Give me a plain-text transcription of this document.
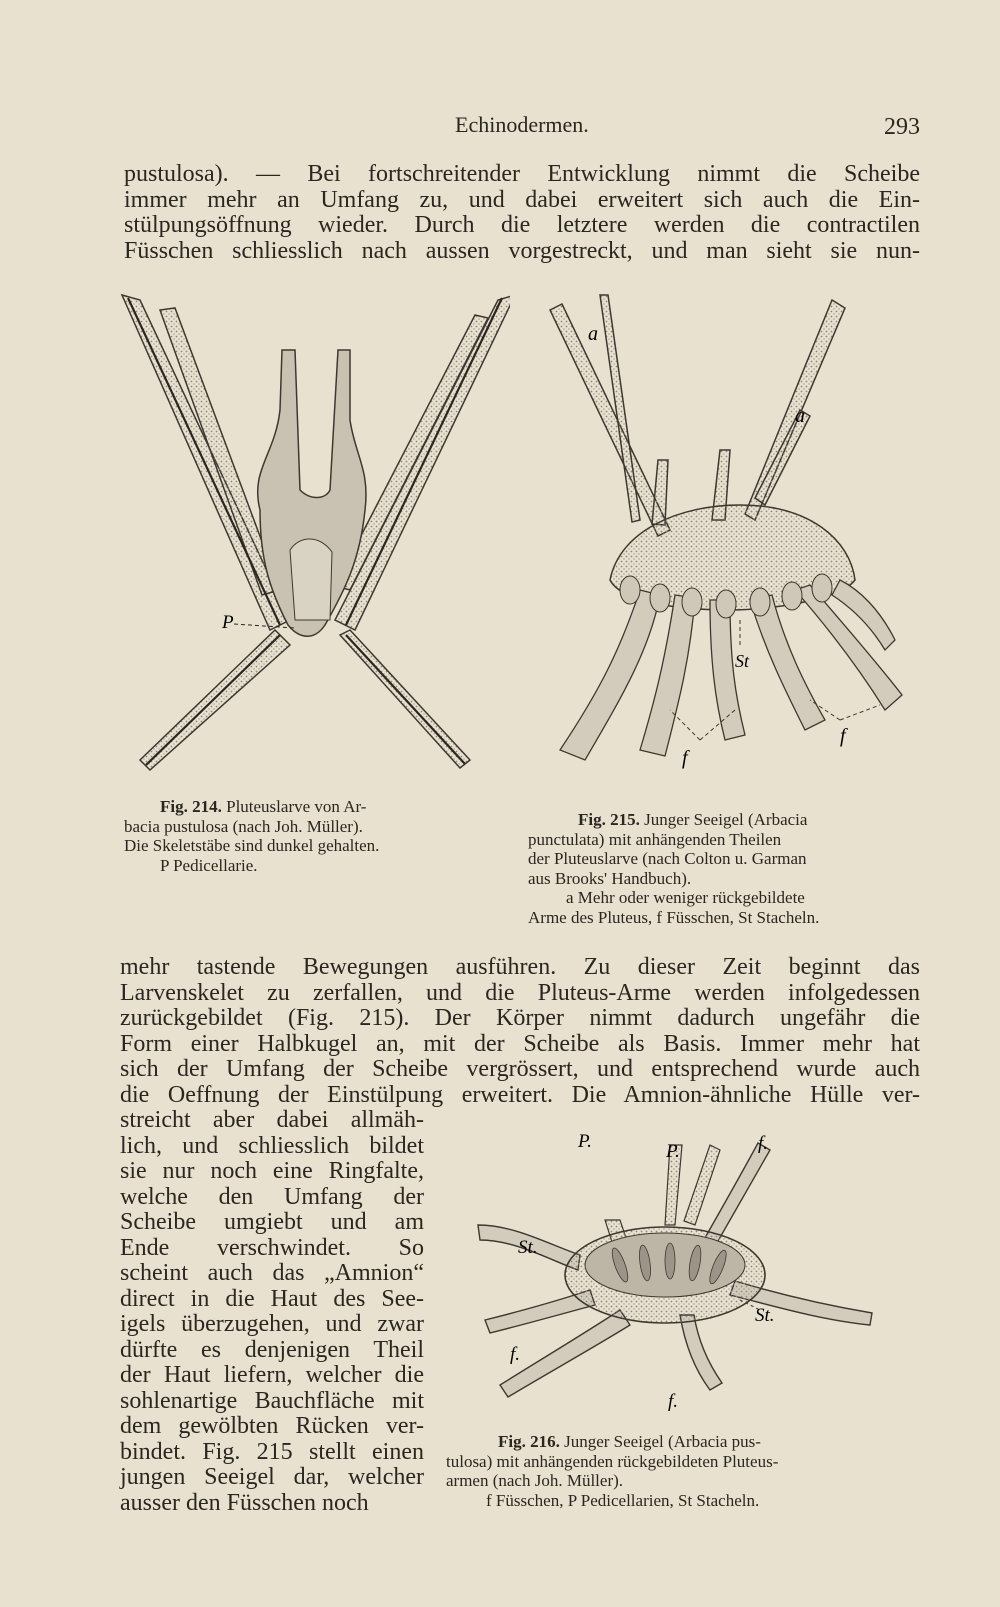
Echinodermen.	293
pustulosa). — Bei fortschreitender Entwicklung nimmt die Scheibe
immer mehr an Umfang zu, und dabei erweitert sich auch die Ein-
stülpungsöffnung wieder. Durch die letztere werden die contractilen
Füsschen schliesslich nach aussen vorgestreckt, und man sieht sie nun-
P
Fig. 214. Pluteuslarve von Ar-
bacia pustulosa (nach Joh. Müller).
Die Skeletstäbe sind dunkel gehalten.
P Pedicellarie.
a
a
St
f
f
Fig. 215. Junger Seeigel (Arbacia
punctulata) mit anhängenden Theilen
der Pluteuslarve (nach Colton u. Garman
aus Brooks' Handbuch).
a Mehr oder weniger rückgebildete
Arme des Pluteus, f Füsschen, St Stacheln.
mehr tastende Bewegungen ausführen. Zu dieser Zeit beginnt das
Larvenskelet zu zerfallen, und die Pluteus-Arme werden infolgedessen
zurückgebildet (Fig. 215). Der Körper nimmt dadurch ungefähr die
Form einer Halbkugel an, mit der Scheibe als Basis. Immer mehr hat
sich der Umfang der Scheibe vergrössert, und entsprechend wurde auch
die Oeffnung der Einstülpung erweitert. Die Amnion-ähnliche Hülle ver-
streicht aber dabei allmäh-
lich, und schliesslich bildet
sie nur noch eine Ringfalte,
welche den Umfang der
Scheibe umgiebt und am
Ende verschwindet. So
scheint auch das „Amnion“
direct in die Haut des See-
igels überzugehen, und zwar
dürfte es denjenigen Theil
der Haut liefern, welcher die
sohlenartige Bauchfläche mit
dem gewölbten Rücken ver-
bindet. Fig. 215 stellt einen
jungen Seeigel dar, welcher
ausser den Füsschen noch
P.	P.	f.
St.
St.
f.
f.
Fig. 216. Junger Seeigel (Arbacia pus-
tulosa) mit anhängenden rückgebildeten Pluteus-
armen (nach Joh. Müller).
f Füsschen, P Pedicellarien, St Stacheln.
